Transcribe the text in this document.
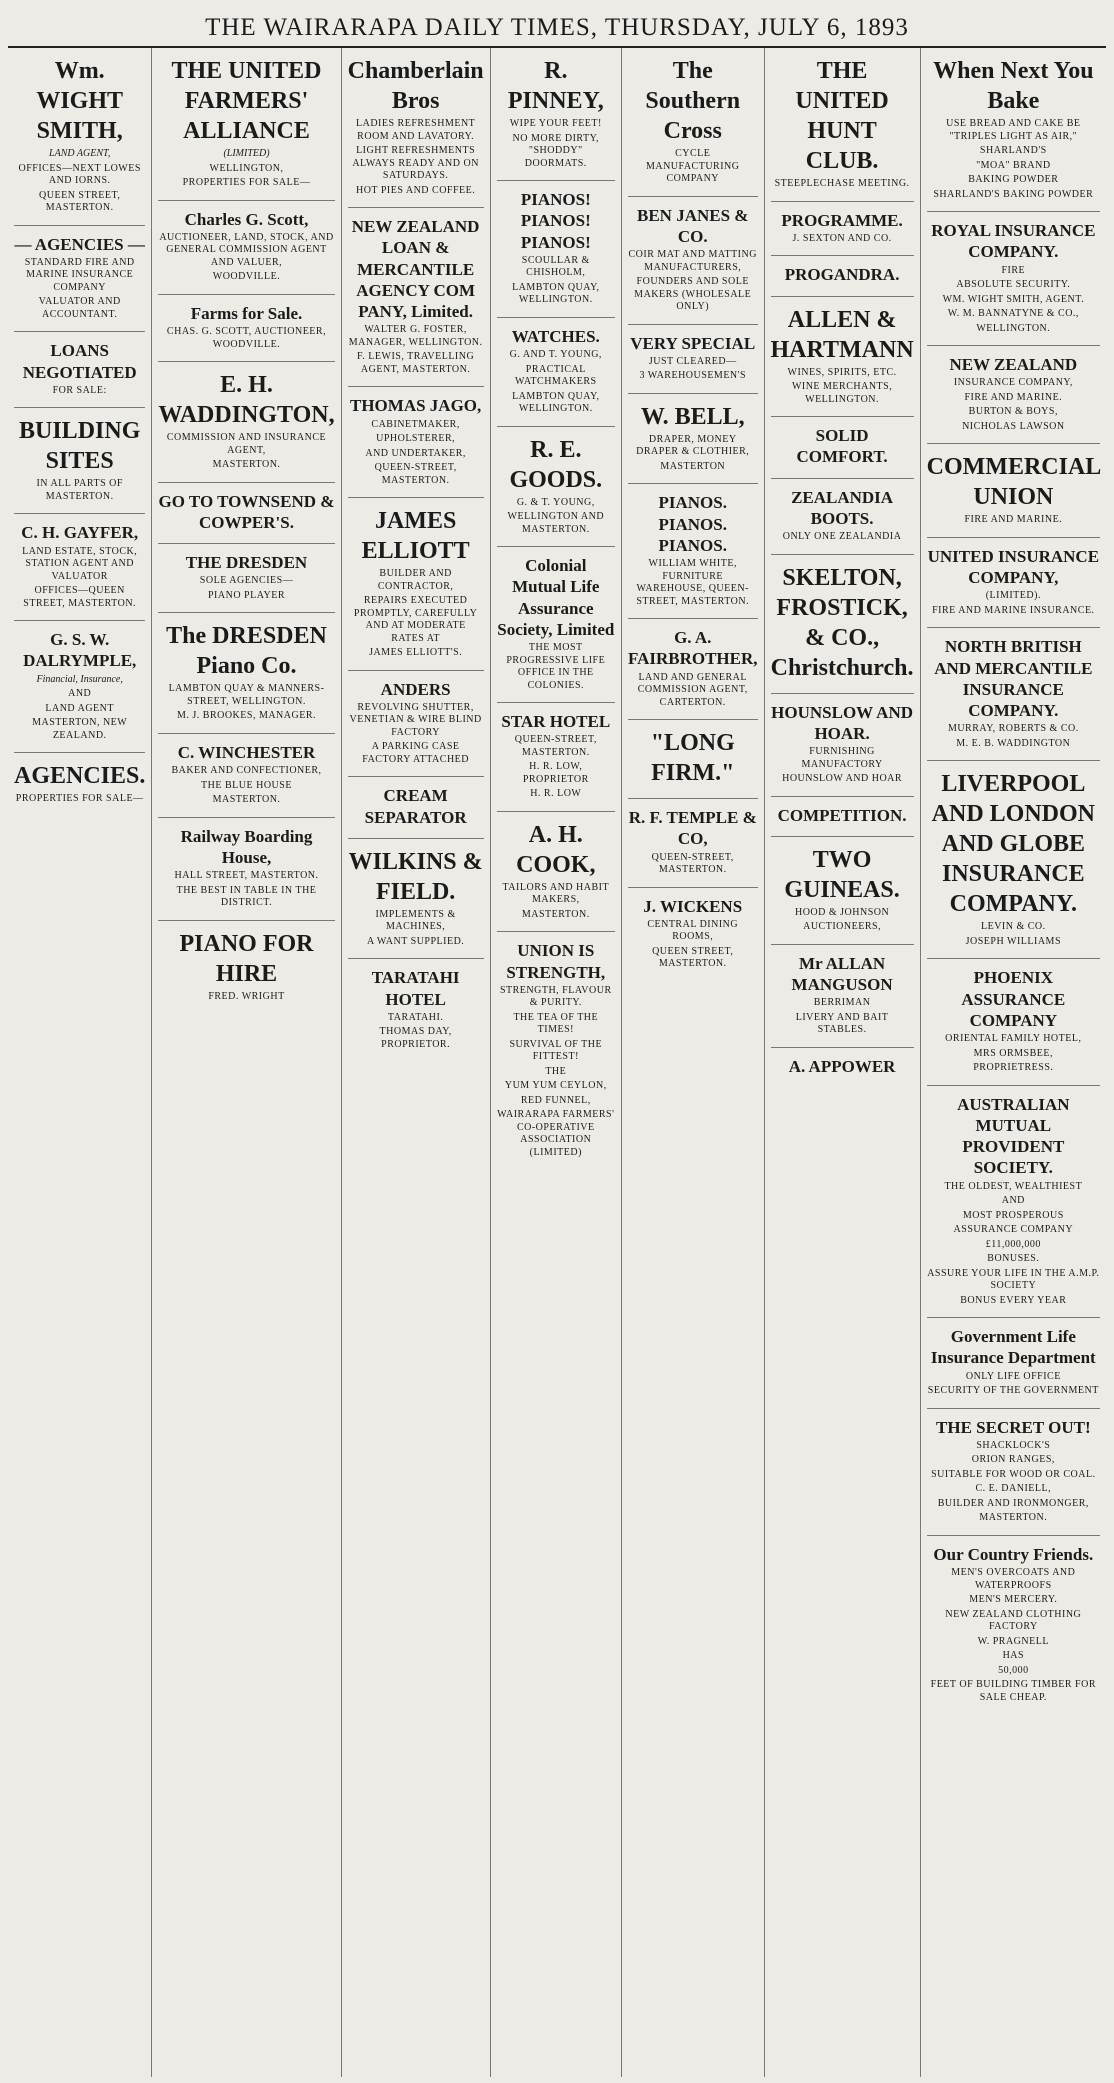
THE WAIRARAPA DAILY TIMES, THURSDAY, JULY 6, 1893
Wm. WIGHT SMITH,
LAND AGENT,
OFFICES—NEXT LOWES AND IORNS.
QUEEN STREET, MASTERTON.
— AGENCIES —
STANDARD FIRE AND MARINE INSURANCE COMPANY
VALUATOR AND ACCOUNTANT.
LOANS NEGOTIATED
FOR SALE:
BUILDING SITES
IN ALL PARTS OF MASTERTON.
C. H. GAYFER,
LAND ESTATE, STOCK, STATION AGENT AND VALUATOR
OFFICES—QUEEN STREET, MASTERTON.
G. S. W. DALRYMPLE,
Financial, Insurance,
AND
LAND AGENT
MASTERTON, NEW ZEALAND.
AGENCIES.
PROPERTIES FOR SALE—
THE UNITED FARMERS' ALLIANCE
(LIMITED)
WELLINGTON,
PROPERTIES FOR SALE—
Charles G. Scott,
AUCTIONEER, LAND, STOCK, AND GENERAL COMMISSION AGENT AND VALUER,
WOODVILLE.
Farms for Sale.
CHAS. G. SCOTT, AUCTIONEER, WOODVILLE.
E. H. WADDINGTON,
COMMISSION AND INSURANCE AGENT,
MASTERTON.
GO TO TOWNSEND & COWPER'S.
THE DRESDEN
SOLE AGENCIES—
PIANO PLAYER
The DRESDEN Piano Co.
LAMBTON QUAY & MANNERS-STREET, WELLINGTON.
M. J. BROOKES, MANAGER.
C. WINCHESTER
BAKER AND CONFECTIONER,
THE BLUE HOUSE
MASTERTON.
Railway Boarding House,
HALL STREET, MASTERTON.
THE BEST IN TABLE IN THE DISTRICT.
PIANO FOR HIRE
FRED. WRIGHT
Chamberlain Bros
LADIES REFRESHMENT ROOM AND LAVATORY.
LIGHT REFRESHMENTS ALWAYS READY AND ON SATURDAYS.
HOT PIES AND COFFEE.
NEW ZEALAND LOAN & MERCANTILE AGENCY COM PANY, Limited.
WALTER G. FOSTER, MANAGER, WELLINGTON.
F. LEWIS, TRAVELLING AGENT, MASTERTON.
THOMAS JAGO,
CABINETMAKER,
UPHOLSTERER,
AND UNDERTAKER,
QUEEN-STREET, MASTERTON.
JAMES ELLIOTT
BUILDER AND CONTRACTOR,
REPAIRS EXECUTED PROMPTLY, CAREFULLY AND AT MODERATE RATES AT
JAMES ELLIOTT'S.
ANDERS
REVOLVING SHUTTER, VENETIAN & WIRE BLIND FACTORY
A PARKING CASE FACTORY ATTACHED
CREAM SEPARATOR
WILKINS & FIELD.
IMPLEMENTS & MACHINES,
A WANT SUPPLIED.
TARATAHI HOTEL
TARATAHI.
THOMAS DAY, PROPRIETOR.
R. PINNEY,
WIPE YOUR FEET!
NO MORE DIRTY, "SHODDY" DOORMATS.
PIANOS! PIANOS! PIANOS!
SCOULLAR & CHISHOLM,
LAMBTON QUAY, WELLINGTON.
WATCHES.
G. AND T. YOUNG,
PRACTICAL WATCHMAKERS
LAMBTON QUAY, WELLINGTON.
R. E. GOODS.
G. & T. YOUNG,
WELLINGTON AND MASTERTON.
Colonial Mutual Life Assurance Society, Limited
THE MOST PROGRESSIVE LIFE OFFICE IN THE COLONIES.
STAR HOTEL
QUEEN-STREET, MASTERTON.
H. R. LOW, PROPRIETOR
H. R. LOW
A. H. COOK,
TAILORS AND HABIT MAKERS,
MASTERTON.
UNION IS STRENGTH,
STRENGTH, FLAVOUR & PURITY.
THE TEA OF THE TIMES!
SURVIVAL OF THE FITTEST!
THE
YUM YUM CEYLON,
RED FUNNEL,
WAIRARAPA FARMERS' CO-OPERATIVE ASSOCIATION (LIMITED)
The Southern Cross
CYCLE MANUFACTURING COMPANY
BEN JANES & CO.
COIR MAT AND MATTING MANUFACTURERS,
FOUNDERS AND SOLE MAKERS (WHOLESALE ONLY)
VERY SPECIAL
JUST CLEARED—
3 WAREHOUSEMEN'S
W. BELL,
DRAPER, MONEY DRAPER & CLOTHIER,
MASTERTON
PIANOS. PIANOS. PIANOS.
WILLIAM WHITE, FURNITURE WAREHOUSE, QUEEN-STREET, MASTERTON.
G. A. FAIRBROTHER,
LAND AND GENERAL COMMISSION AGENT, CARTERTON.
"LONG FIRM."
R. F. TEMPLE & CO,
QUEEN-STREET, MASTERTON.
J. WICKENS
CENTRAL DINING ROOMS,
QUEEN STREET, MASTERTON.
THE UNITED HUNT CLUB.
STEEPLECHASE MEETING.
PROGRAMME.
J. SEXTON AND CO.
PROGANDRA.
ALLEN & HARTMANN
WINES, SPIRITS, ETC.
WINE MERCHANTS, WELLINGTON.
SOLID COMFORT.
ZEALANDIA BOOTS.
ONLY ONE ZEALANDIA
SKELTON, FROSTICK, & CO., Christchurch.
HOUNSLOW AND HOAR.
FURNISHING MANUFACTORY
HOUNSLOW AND HOAR
COMPETITION.
TWO GUINEAS.
HOOD & JOHNSON
AUCTIONEERS,
Mr ALLAN MANGUSON
BERRIMAN
LIVERY AND BAIT STABLES.
A. APPOWER
When Next You Bake
USE BREAD AND CAKE BE "TRIPLES LIGHT AS AIR,"
SHARLAND'S
"MOA" BRAND
BAKING POWDER
SHARLAND'S BAKING POWDER
ROYAL INSURANCE COMPANY.
FIRE
ABSOLUTE SECURITY.
WM. WIGHT SMITH, AGENT.
W. M. BANNATYNE & CO.,
WELLINGTON.
NEW ZEALAND
INSURANCE COMPANY,
FIRE AND MARINE.
BURTON & BOYS,
NICHOLAS LAWSON
COMMERCIAL UNION
FIRE AND MARINE.
UNITED INSURANCE COMPANY,
(LIMITED).
FIRE AND MARINE INSURANCE.
NORTH BRITISH AND MERCANTILE INSURANCE COMPANY.
MURRAY, ROBERTS & CO.
M. E. B. WADDINGTON
LIVERPOOL AND LONDON AND GLOBE INSURANCE COMPANY.
LEVIN & CO.
JOSEPH WILLIAMS
PHOENIX ASSURANCE COMPANY
ORIENTAL FAMILY HOTEL,
MRS ORMSBEE,
PROPRIETRESS.
AUSTRALIAN MUTUAL PROVIDENT SOCIETY.
THE OLDEST, WEALTHIEST
AND
MOST PROSPEROUS
ASSURANCE COMPANY
£11,000,000
BONUSES.
ASSURE YOUR LIFE IN THE A.M.P. SOCIETY
BONUS EVERY YEAR
Government Life Insurance Department
ONLY LIFE OFFICE
SECURITY OF THE GOVERNMENT
THE SECRET OUT!
SHACKLOCK'S
ORION RANGES,
SUITABLE FOR WOOD OR COAL.
C. E. DANIELL,
BUILDER AND IRONMONGER,
MASTERTON.
Our Country Friends.
MEN'S OVERCOATS AND WATERPROOFS
MEN'S MERCERY.
NEW ZEALAND CLOTHING FACTORY
W. PRAGNELL
HAS
50,000
FEET OF BUILDING TIMBER FOR SALE CHEAP.
